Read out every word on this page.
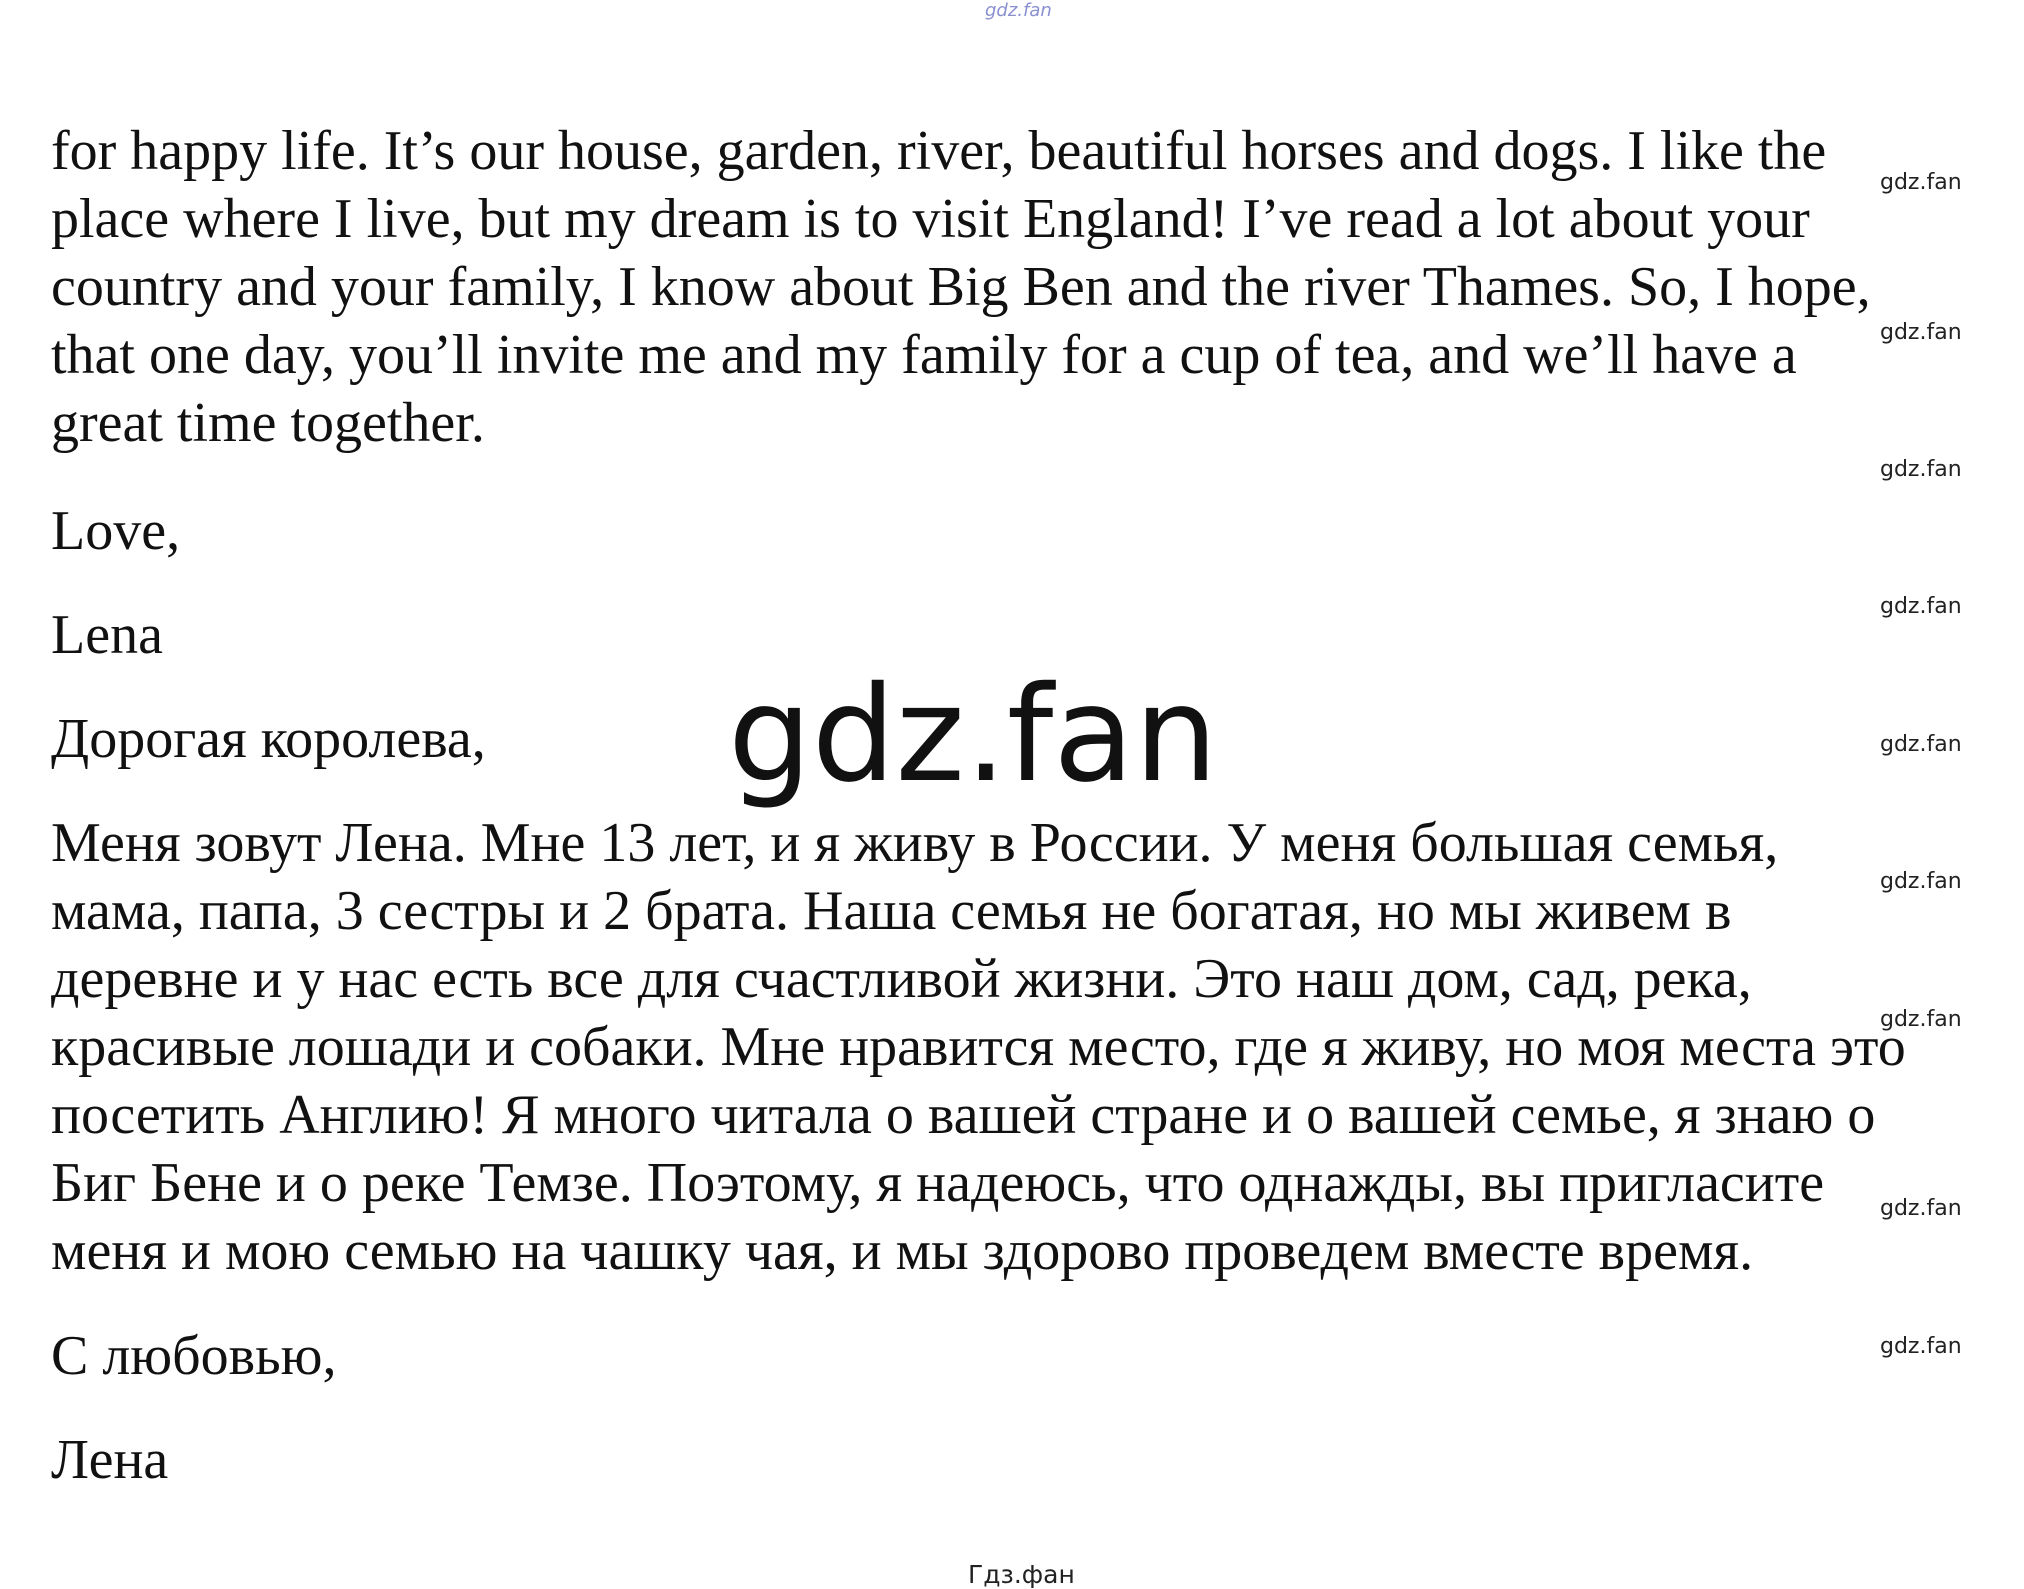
gdz.fan
for happy life. It’s our house, garden, river, beautiful horses and dogs. I like the
place where I live, but my dream is to visit England! I’ve read a lot about your
country and your family, I know about Big Ben and the river Thames. So, I hope,
that one day, you’ll invite me and my family for a cup of tea, and we’ll have a
great time together.
Love,
Lena
Дорогая королева,
Меня зовут Лена. Мне 13 лет, и я живу в России. У меня большая семья,
мама, папа, 3 сестры и 2 брата. Наша семья не богатая, но мы живем в
деревне и у нас есть все для счастливой жизни. Это наш дом, сад, река,
красивые лошади и собаки. Мне нравится место, где я живу, но моя места это
посетить Англию! Я много читала о вашей стране и о вашей семье, я знаю о
Биг Бене и о реке Темзе. Поэтому, я надеюсь, что однажды, вы пригласите
меня и мою семью на чашку чая, и мы здорово проведем вместе время.
С любовью,
Лена
gdz.fan
gdz.fan
gdz.fan
gdz.fan
gdz.fan
gdz.fan
gdz.fan
gdz.fan
gdz.fan
gdz.fan
Гдз.фан
